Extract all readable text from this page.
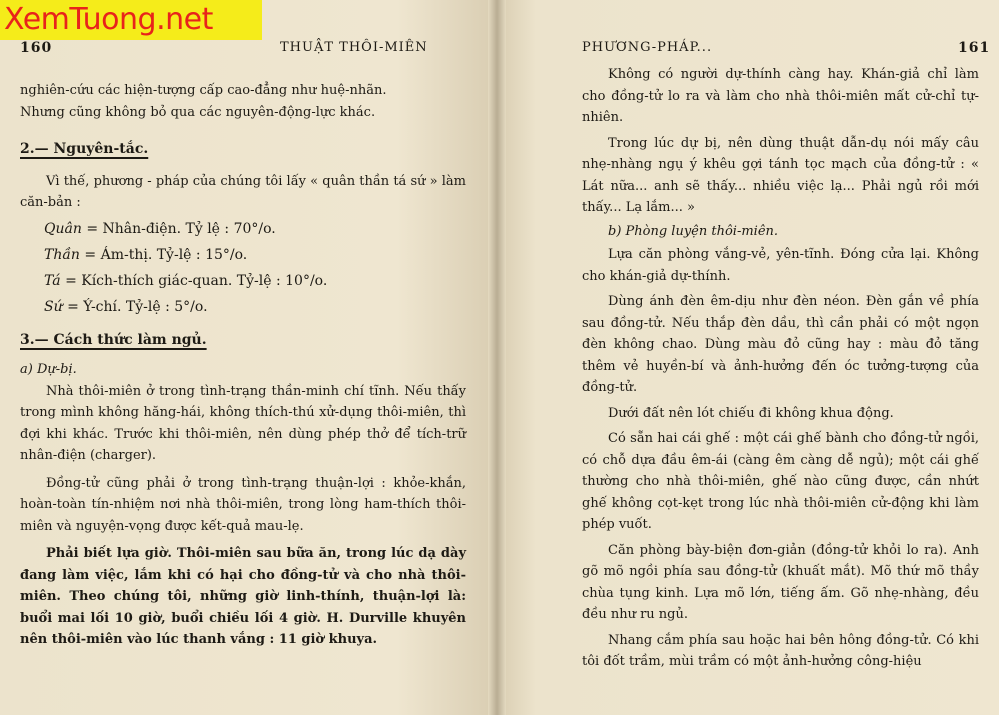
160	THUẬT THÔI-MIÊN

nghiên-cứu các hiện-tượng cấp cao-đẳng như huệ-nhãn.

Nhưng cũng không bỏ qua các nguyên-động-lực khác.

2.— Nguyên-tắc.

Vì thế, phương - pháp của chúng tôi lấy « quân thần tá sứ » làm căn-bản :

Quân = Nhân-điện. Tỷ lệ : 70°/o.
Thần = Ám-thị. Tỷ-lệ : 15°/o.
Tá = Kích-thích giác-quan. Tỷ-lệ : 10°/o.
Sứ = Ý-chí. Tỷ-lệ : 5°/o.
3.— Cách thức làm ngủ.

a) Dự-bị.

Nhà thôi-miên ở trong tình-trạng thần-minh chí tĩnh. Nếu thấy trong mình không hăng-hái, không thích-thú xử-dụng thôi-miên, thì đợi khi khác. Trước khi thôi-miên, nên dùng phép thở để tích-trữ nhân-điện (charger).

Đồng-tử cũng phải ở trong tình-trạng thuận-lợi : khỏe-khắn, hoàn-toàn tín-nhiệm nơi nhà thôi-miên, trong lòng ham-thích thôi-miên và nguyện-vọng được kết-quả mau-lẹ.

Phải biết lựa giờ. Thôi-miên sau bữa ăn, trong lúc dạ dày đang làm việc, lắm khi có hại cho đồng-tử và cho nhà thôi-miên. Theo chúng tôi, những giờ linh-thính, thuận-lợi là: buổi mai lối 10 giờ, buổi chiều lối 4 giờ. H. Durville khuyên nên thôi-miên vào lúc thanh vắng : 11 giờ khuya.

PHƯƠNG-PHÁP...	161

Không có người dự-thính càng hay. Khán-giả chỉ làm cho đồng-tử lo ra và làm cho nhà thôi-miên mất cử-chỉ tự-nhiên.

Trong lúc dự bị, nên dùng thuật dẫn-dụ nói mấy câu nhẹ-nhàng ngụ ý khêu gợi tánh tọc mạch của đồng-tử : « Lát nữa... anh sẽ thấy... nhiều việc lạ... Phải ngủ rồi mới thấy... Lạ lắm... »

b) Phòng luyện thôi-miên.

Lựa căn phòng vắng-vẻ, yên-tĩnh. Đóng cửa lại. Không cho khán-giả dự-thính.

Dùng ánh đèn êm-dịu như đèn néon. Đèn gắn về phía sau đồng-tử. Nếu thắp đèn dầu, thì cần phải có một ngọn đèn không chao. Dùng màu đỏ cũng hay : màu đỏ tăng thêm vẻ huyền-bí và ảnh-hưởng đến óc tưởng-tượng của đồng-tử.

Dưới đất nên lót chiếu đi không khua động.

Có sẵn hai cái ghế : một cái ghế bành cho đồng-tử ngồi, có chỗ dựa đầu êm-ái (càng êm càng dễ ngủ); một cái ghế thường cho nhà thôi-miên, ghế nào cũng được, cần nhứt ghế không cọt-kẹt trong lúc nhà thôi-miên cử-động khi làm phép vuốt.

Căn phòng bày-biện đơn-giản (đồng-tử khỏi lo ra). Anh gõ mõ ngồi phía sau đồng-tử (khuất mắt). Mõ thứ mõ thầy chùa tụng kinh. Lựa mõ lớn, tiếng ấm. Gõ nhẹ-nhàng, đều đều như ru ngủ.

Nhang cắm phía sau hoặc hai bên hông đồng-tử. Có khi tôi đốt trầm, mùi trầm có một ảnh-hưởng công-hiệu

XemTuong.net
